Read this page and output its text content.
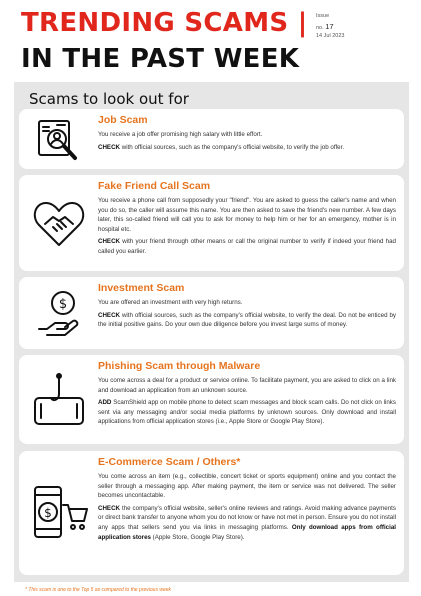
TRENDING SCAMS |
IN THE PAST WEEK
Issue
no. 17
14 Jul 2023
Scams to look out for
Job Scam
You receive a job offer promising high salary with little effort.
CHECK with official sources, such as the company's official website, to verify the job offer.
Fake Friend Call Scam
You receive a phone call from supposedly your "friend". You are asked to guess the caller's name and when you do so, the caller will assume this name. You are then asked to save the friend's new number. A few days later, this so-called friend will call you to ask for money to help him or her for an emergency, mother is in hospital etc.
CHECK with your friend through other means or call the original number to verify if indeed your friend had called you earlier.
$
Investment Scam
You are offered an investment with very high returns.
CHECK with official sources, such as the company's official website, to verify the deal. Do not be enticed by the initial positive gains. Do your own due diligence before you invest large sums of money.
Phishing Scam through Malware
You come across a deal for a product or service online. To facilitate payment, you are asked to click on a link and download an application from an unknown source.
ADD ScamShield app on mobile phone to detect scam messages and block scam calls. Do not click on links sent via any messaging and/or social media platforms by unknown sources. Only download and install applications from official application stores (i.e., Apple Store or Google Play Store).
$
E-Commerce Scam / Others*
You come across an item (e.g., collectible, concert ticket or sports equipment) online and you contact the seller through a messaging app. After making payment, the item or service was not delivered. The seller becomes uncontactable.
CHECK the company's official website, seller's online reviews and ratings. Avoid making advance payments or direct bank transfer to anyone whom you do not know or have not met in person. Ensure you do not install any apps that sellers send you via links in messaging platforms. Only download apps from official application stores (Apple Store, Google Play Store).
* This scam is one to the Top 5 as compared to the previous week
